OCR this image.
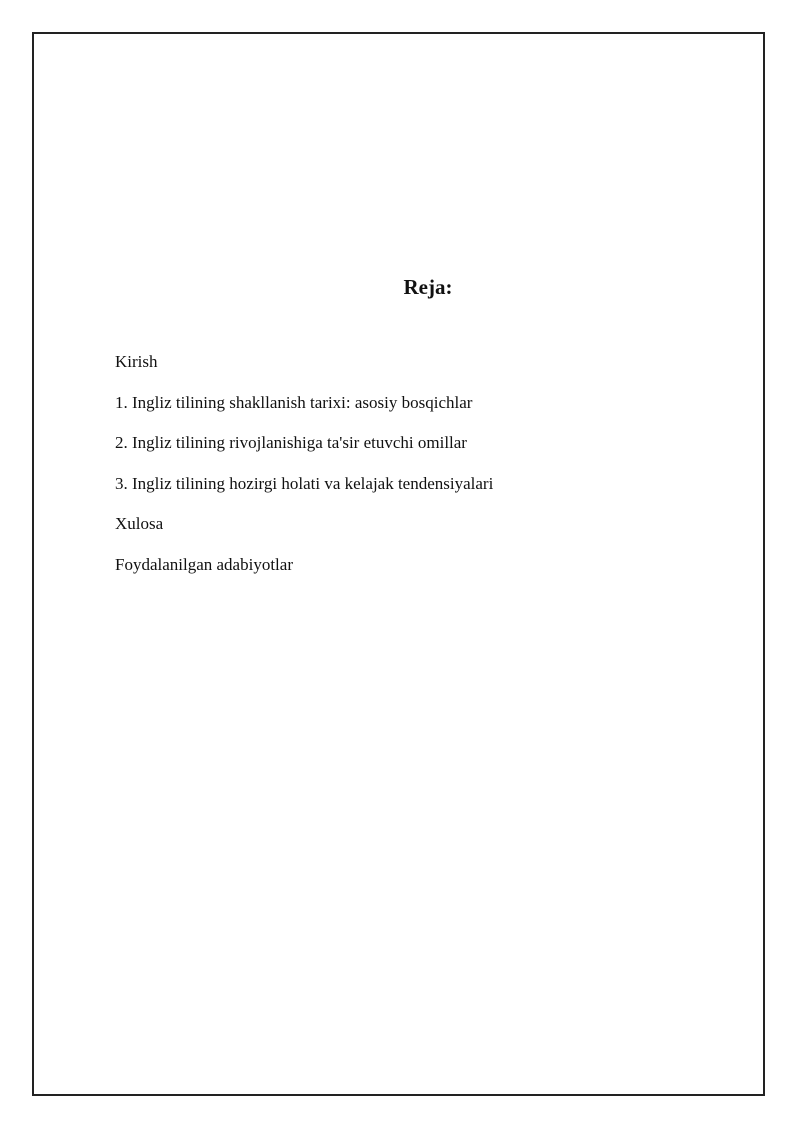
Reja:
Kirish
1. Ingliz tilining shakllanish tarixi: asosiy bosqichlar
2. Ingliz tilining rivojlanishiga ta'sir etuvchi omillar
3. Ingliz tilining hozirgi holati va kelajak tendensiyalari
Xulosa
Foydalanilgan adabiyotlar
